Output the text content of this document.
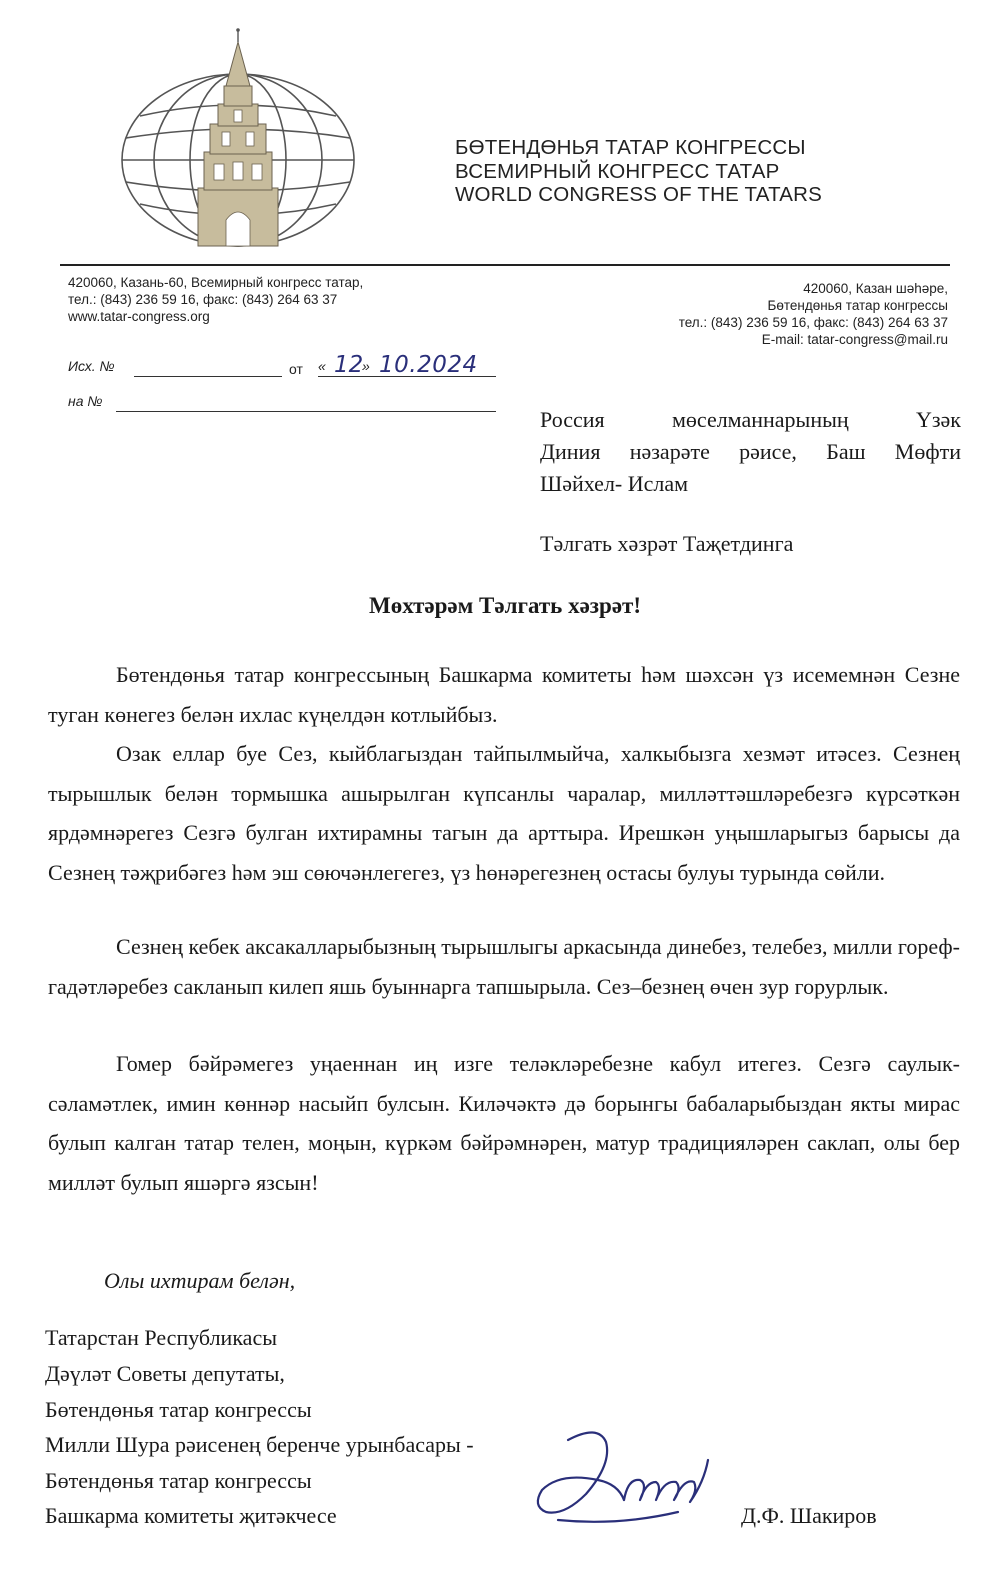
БӨТЕНДӨНЬЯ ТАТАР КОНГРЕССЫ
ВСЕМИРНЫЙ КОНГРЕСС ТАТАР
WORLD CONGRESS OF THE TATARS
420060, Казань-60, Всемирный конгресс татар,
тел.: (843) 236 59 16, факс: (843) 264 63 37
www.tatar-congress.org
420060, Казан шәһәре,
Бөтендөнья татар конгрессы
тел.: (843) 236 59 16, факс: (843) 264 63 37
E-mail: tatar-congress@mail.ru
Исх. №	от « 12
» 10.2024
на №
Россия мөселманнарының Үзәк
Диния нәзарәте рәисе, Баш Мөфти
Шәйхел- Ислам
Тәлгать хәзрәт Таҗетдинга
Мөхтәрәм Тәлгать хәзрәт!

Бөтендөнья татар конгрессының Башкарма комитеты һәм шәхсән үз исемемнән Сезне туган көнегез белән ихлас күңелдән котлыйбыз.

Озак еллар буе Сез, кыйблагыздан тайпылмыйча, халкыбызга хезмәт итәсез. Сезнең тырышлык белән тормышка ашырылган күпсанлы чаралар, милләттәшләребезгә күрсәткән ярдәмнәрегез Сезгә булган ихтирамны тагын да арттыра. Ирешкән уңышларыгыз барысы да Сезнең тәҗрибәгез һәм эш сөючәнлегегез, үз һөнәрегезнең остасы булуы турында сөйли.

Сезнең кебек аксакалларыбызның тырышлыгы аркасында динебез, телебез, милли гореф-гадәтләребез сакланып килеп яшь буыннарга тапшырыла. Сез–безнең өчен зур горурлык.

Гомер бәйрәмегез уңаеннан иң изге теләкләребезне кабул итегез. Сезгә саулык-сәламәтлек, имин көннәр насыйп булсын. Киләчәктә дә борынгы бабаларыбыздан якты мирас булып калган татар телен, моңын, күркәм бәйрәмнәрен, матур традицияләрен саклап, олы бер милләт булып яшәргә язсын!

Олы ихтирам белән,
Татарстан Республикасы
Дәүләт Советы депутаты,
Бөтендөнья татар конгрессы
Милли Шура рәисенең беренче урынбасары -
Бөтендөнья татар конгрессы
Башкарма комитеты җитәкчесе	Д.Ф. Шакиров
